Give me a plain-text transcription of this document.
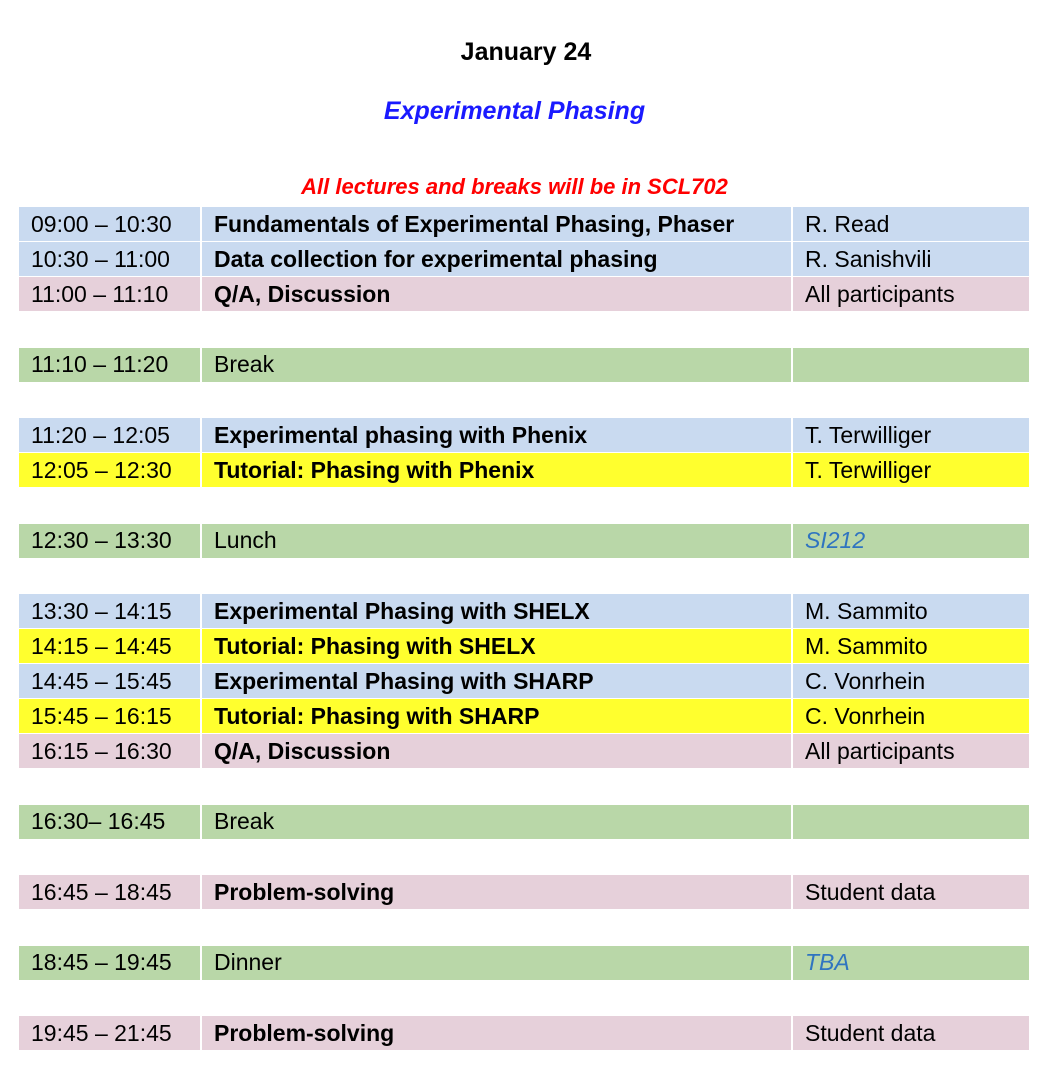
January 24
Experimental Phasing
All lectures and breaks will be in SCL702
09:00 – 10:30	Fundamentals of Experimental Phasing, Phaser	R. Read
10:30 – 11:00	Data collection for experimental phasing	R. Sanishvili
11:00 – 11:10	Q/A, Discussion	All participants
11:10 – 11:20	Break
11:20 – 12:05	Experimental phasing with Phenix	T. Terwilliger
12:05 – 12:30	Tutorial: Phasing with Phenix	T. Terwilliger
12:30 – 13:30	Lunch	SI212
13:30 – 14:15	Experimental Phasing with SHELX	M. Sammito
14:15 – 14:45	Tutorial: Phasing with SHELX	M. Sammito
14:45 – 15:45	Experimental Phasing with SHARP	C. Vonrhein
15:45 – 16:15	Tutorial: Phasing with SHARP	C. Vonrhein
16:15 – 16:30	Q/A, Discussion	All participants
16:30– 16:45	Break
16:45 – 18:45	Problem-solving	Student data
18:45 – 19:45	Dinner	TBA
19:45 – 21:45	Problem-solving	Student data
